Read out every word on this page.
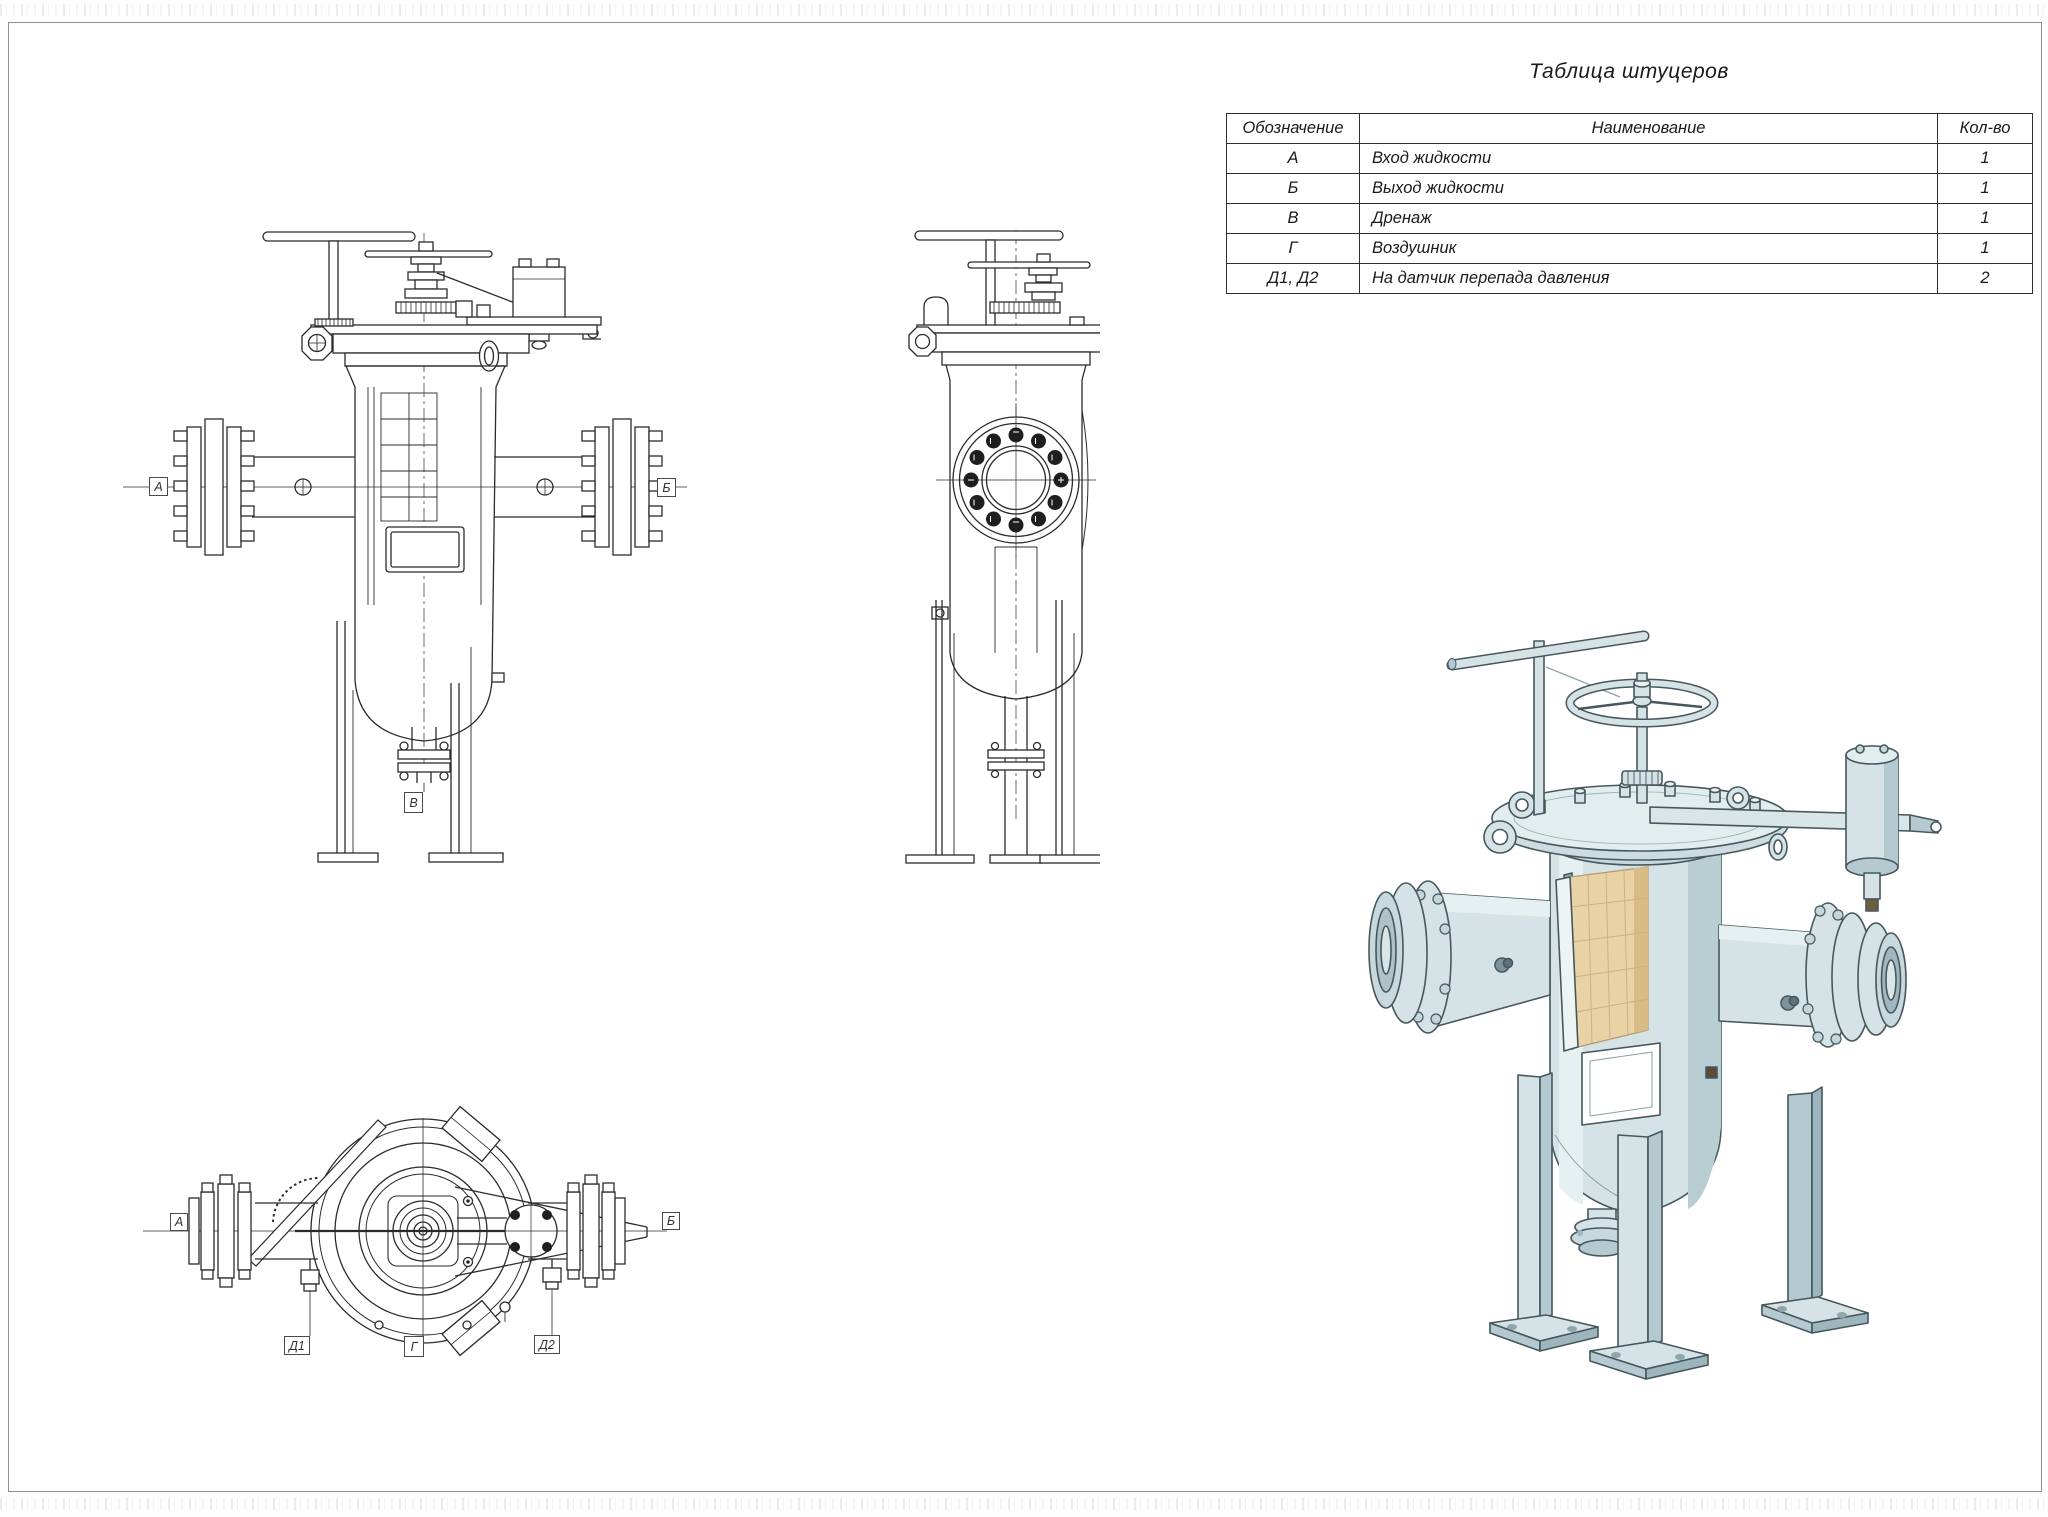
Таблица штуцеров
Обозначение	Наименование	Кол-во
А	Вход жидкости	1
Б	Выход жидкости	1
В	Дренаж	1
Г	Воздушник	1
Д1, Д2	На датчик перепада давления	2
А	Б
В
А	Б
Д1	Г	Д2
